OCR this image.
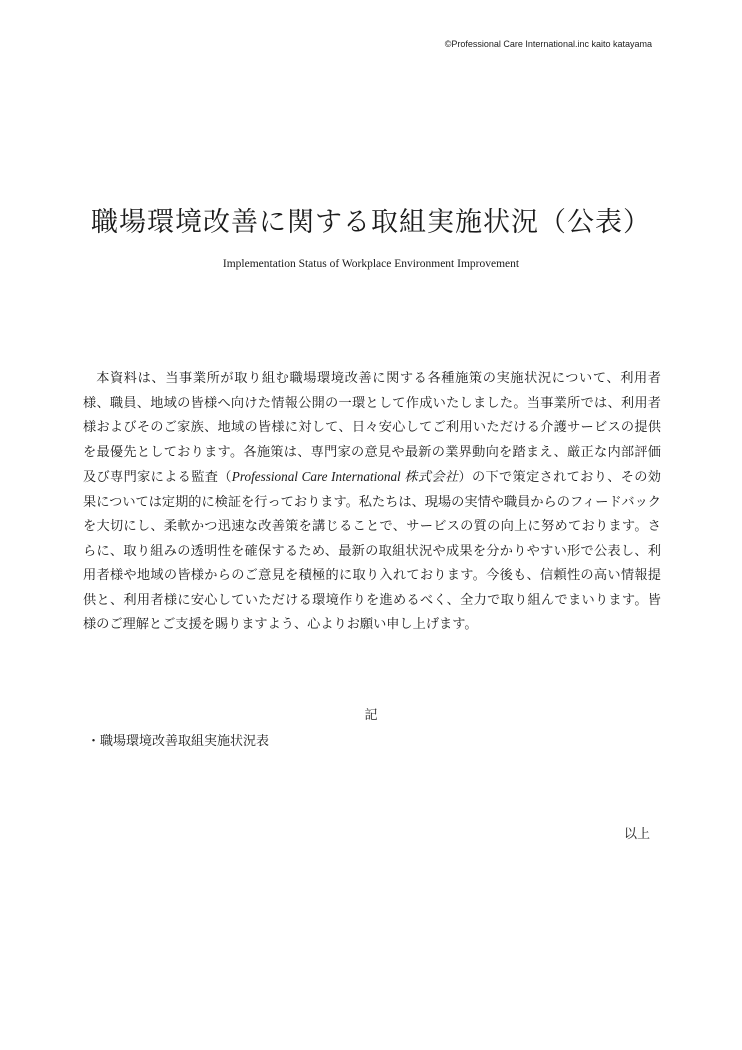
©Professional Care International.inc kaito katayama
職場環境改善に関する取組実施状況（公表）
Implementation Status of Workplace Environment Improvement

本資料は、当事業所が取り組む職場環境改善に関する各種施策の実施状況について、利用者様、職員、地域の皆様へ向けた情報公開の一環として作成いたしました。当事業所では、利用者様およびそのご家族、地域の皆様に対して、日々安心してご利用いただける介護サービスの提供を最優先としております。各施策は、専門家の意見や最新の業界動向を踏まえ、厳正な内部評価及び専門家による監査（Professional Care International 株式会社）の下で策定されており、その効果については定期的に検証を行っております。私たちは、現場の実情や職員からのフィードバックを大切にし、柔軟かつ迅速な改善策を講じることで、サービスの質の向上に努めております。さらに、取り組みの透明性を確保するため、最新の取組状況や成果を分かりやすい形で公表し、利用者様や地域の皆様からのご意見を積極的に取り入れております。今後も、信頼性の高い情報提供と、利用者様に安心していただける環境作りを進めるべく、全力で取り組んでまいります。皆様のご理解とご支援を賜りますよう、心よりお願い申し上げます。

記
・職場環境改善取組実施状況表
以上
